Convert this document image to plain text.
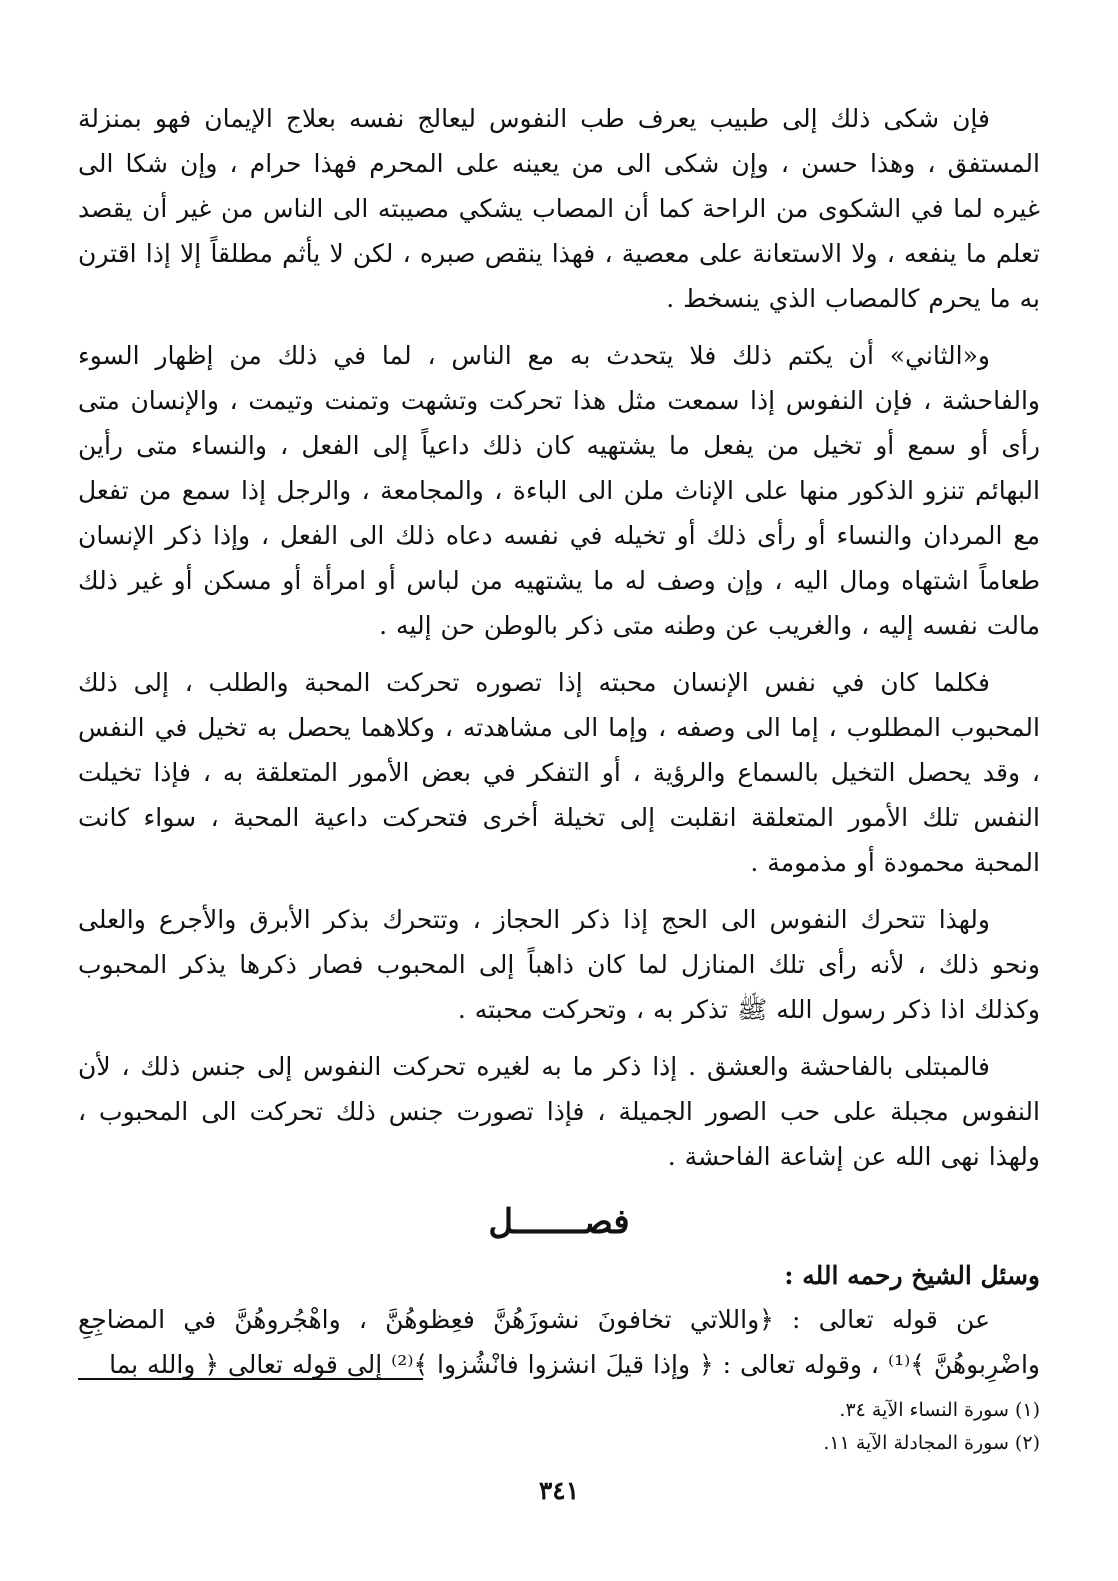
فإن شكى ذلك إلى طبيب يعرف طب النفوس ليعالج نفسه بعلاج الإيمان فهو بمنزلة المستفق ، وهذا حسن ، وإن شكى الى من يعينه على المحرم فهذا حرام ، وإن شكا الى غيره لما في الشكوى من الراحة كما أن المصاب يشكي مصيبته الى الناس من غير أن يقصد تعلم ما ينفعه ، ولا الاستعانة على معصية ، فهذا ينقص صبره ، لكن لا يأثم مطلقاً إلا إذا اقترن به ما يحرم كالمصاب الذي ينسخط .

و«الثاني» أن يكتم ذلك فلا يتحدث به مع الناس ، لما في ذلك من إظهار السوء والفاحشة ، فإن النفوس إذا سمعت مثل هذا تحركت وتشهت وتمنت وتيمت ، والإنسان متى رأى أو سمع أو تخيل من يفعل ما يشتهيه كان ذلك داعياً إلى الفعل ، والنساء متى رأين البهائم تنزو الذكور منها على الإناث ملن الى الباءة ، والمجامعة ، والرجل إذا سمع من تفعل مع المردان والنساء أو رأى ذلك أو تخيله في نفسه دعاه ذلك الى الفعل ، وإذا ذكر الإنسان طعاماً اشتهاه ومال اليه ، وإن وصف له ما يشتهيه من لباس أو امرأة أو مسكن أو غير ذلك مالت نفسه إليه ، والغريب عن وطنه متى ذكر بالوطن حن إليه .

فكلما كان في نفس الإنسان محبته إذا تصوره تحركت المحبة والطلب ، إلى ذلك المحبوب المطلوب ، إما الى وصفه ، وإما الى مشاهدته ، وكلاهما يحصل به تخيل في النفس ، وقد يحصل التخيل بالسماع والرؤية ، أو التفكر في بعض الأمور المتعلقة به ، فإذا تخيلت النفس تلك الأمور المتعلقة انقلبت إلى تخيلة أخرى فتحركت داعية المحبة ، سواء كانت المحبة محمودة أو مذمومة .

ولهذا تتحرك النفوس الى الحج إذا ذكر الحجاز ، وتتحرك بذكر الأبرق والأجرع والعلى ونحو ذلك ، لأنه رأى تلك المنازل لما كان ذاهباً إلى المحبوب فصار ذكرها يذكر المحبوب وكذلك اذا ذكر رسول الله ﷺ تذكر به ، وتحركت محبته .

فالمبتلى بالفاحشة والعشق . إذا ذكر ما به لغيره تحركت النفوس إلى جنس ذلك ، لأن النفوس مجبلة على حب الصور الجميلة ، فإذا تصورت جنس ذلك تحركت الى المحبوب ، ولهذا نهى الله عن إشاعة الفاحشة .

فصـــــــل

وسئل الشيخ رحمه الله :

عن قوله تعالى : ﴿واللاتي تخافونَ نشوزَهُنَّ فعِظوهُنَّ ، واهْجُروهُنَّ في المضاجِعِ واضْرِبوهُنَّ ﴾⁽¹⁾ ، وقوله تعالى : ﴿ وإذا قيلَ انشزوا فانْشُزوا ﴾⁽²⁾ إلى قوله تعالى ﴿ والله بما

(١) سورة النساء الآية ٣٤.

(٢) سورة المجادلة الآية ١١.

٣٤١
